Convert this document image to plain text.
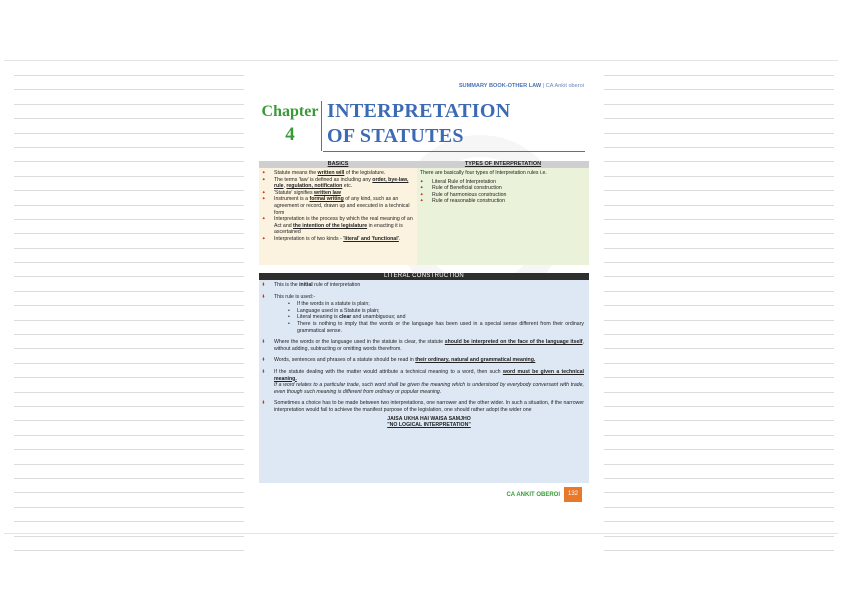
SUMMARY BOOK-OTHER LAW | CA Ankit oberoi
Chapter
4
INTERPRETATION
OF STATUTES
BASICS
🠻	Statute means the written will of the legislature.
🠻	The terms 'law' is defined as including any order, bye-law, rule, regulation, notification etc.
🠻	'Statute' signifies written law
🠻	Instrument is a formal writing of any kind, such as an agreement or record, drawn up and executed in a technical form
🠻	Interpretation is the process by which the real meaning of an Act and the intention of the legislature in enacting it is ascertained
🠻	Interpretation is of two kinds - 'literal' and 'functional'.
TYPES OF INTERPRETATION
There are basically four types of Interpretation rules i.e.
🠻	Literal Rule of Interpretation
🠻	Rule of Beneficial construction
🠻	Rule of harmonious construction
🠻	Rule of reasonable construction
LITERAL CONSTRUCTION
🢛	This is the initial rule of interpretation
🢛	This rule is used:-
•	If the words in a statute is plain;
•	Language used in a Statute is plain;
•	Literal meaning is clear and unambiguous; and
•	There is nothing to imply that the words or the language has been used in a special sense different from their ordinary grammatical sense.
🢛	Where the words or the language used in the statute is clear, the statute should be interpreted on the face of the language itself, without adding, subtracting or omitting words therefrom.
🢛	Words, sentences and phrases of a statute should be read in their ordinary, natural and grammatical meaning.
🢛	If the statute dealing with the matter would attribute a technical meaning to a word, then such word must be given a technical meaning.
If a word relates to a particular trade, such word shall be given the meaning which is understood by everybody conversant with trade, even though such meaning is different from ordinary or popular meaning.
🢛	Sometimes a choice has to be made between two interpretations, one narrower and the other wider. In such a situation, if the narrower interpretation would fail to achieve the manifest purpose of the legislation, one should rather adopt the wider one
JAISA UKHA HAI WAISA SAMJHO
"NO LOGICAL INTERPRETATION"
CA ANKIT OBEROI	132
